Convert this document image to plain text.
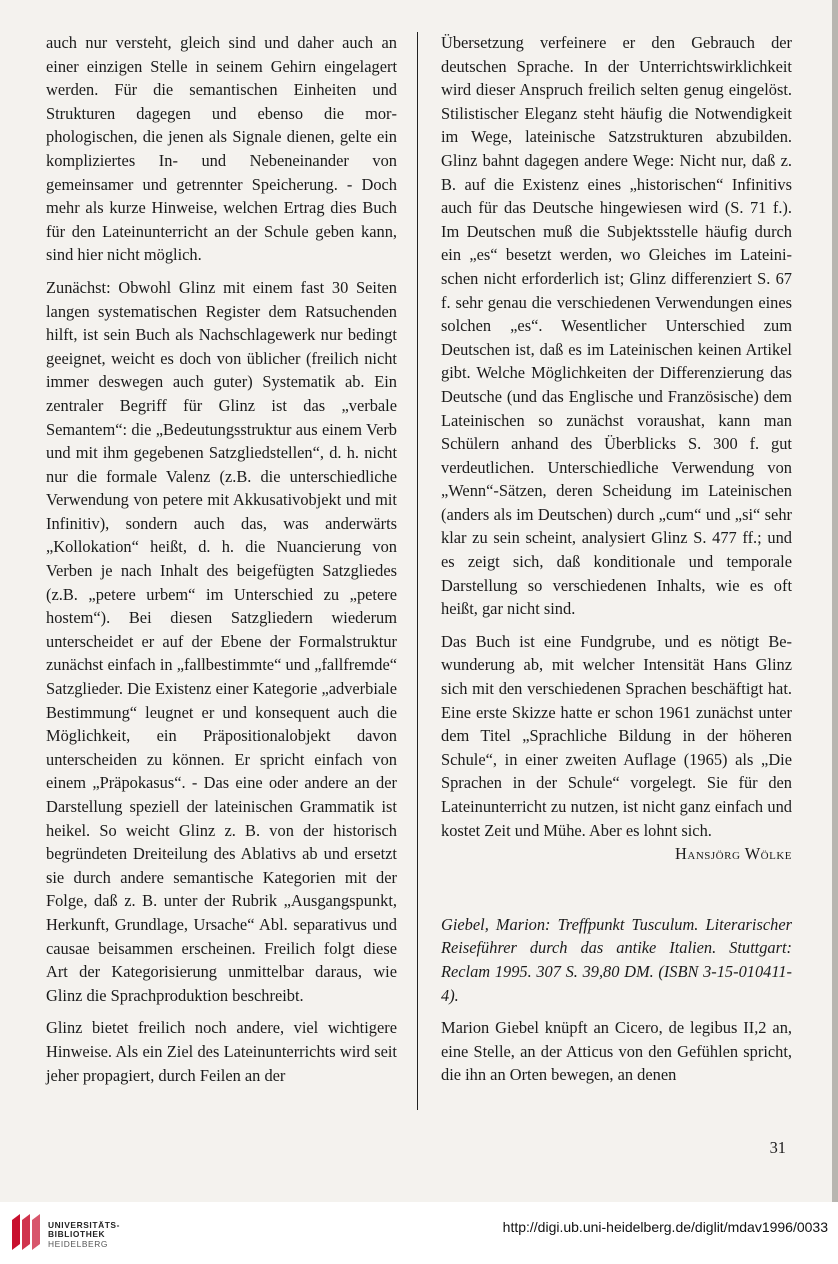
auch nur versteht, gleich sind und daher auch an einer einzigen Stelle in seinem Gehirn eingelagert werden. Für die semantischen Einheiten und Strukturen dagegen und ebenso die morphologischen, die jenen als Signale dienen, gelte ein kompliziertes In- und Nebeneinander von gemeinsamer und getrennter Speicherung. - Doch mehr als kurze Hinweise, welchen Ertrag dies Buch für den Lateinunterricht an der Schule geben kann, sind hier nicht möglich.

Zunächst: Obwohl Glinz mit einem fast 30 Seiten langen systematischen Register dem Ratsuchenden hilft, ist sein Buch als Nachschlagewerk nur bedingt geeignet, weicht es doch von üblicher (freilich nicht immer deswegen auch guter) Systematik ab. Ein zentraler Begriff für Glinz ist das „verbale Semantem“: die „Bedeutungsstruktur aus einem Verb und mit ihm gegebenen Satzgliedstellen“, d. h. nicht nur die formale Valenz (z.B. die unterschiedliche Verwendung von petere mit Akkusativobjekt und mit Infinitiv), sondern auch das, was anderwärts „Kollokation“ heißt, d. h. die Nuancierung von Verben je nach Inhalt des beigefügten Satzgliedes (z.B. „petere urbem“ im Unterschied zu „petere hostem“). Bei diesen Satzgliedern wiederum unterscheidet er auf der Ebene der Formalstruktur zunächst einfach in „fallbestimmte“ und „fallfremde“ Satzglieder. Die Existenz einer Kategorie „adverbiale Bestimmung“ leugnet er und konsequent auch die Möglichkeit, ein Präpositionalobjekt davon unterscheiden zu können. Er spricht einfach von einem „Präpokasus“. - Das eine oder andere an der Darstellung speziell der lateinischen Grammatik ist heikel. So weicht Glinz z. B. von der historisch begründeten Dreiteilung des Ablativs ab und ersetzt sie durch andere semantische Kategorien mit der Folge, daß z. B. unter der Rubrik „Ausgangspunkt, Herkunft, Grundlage, Ursache“ Abl. separativus und causae beisammen erscheinen. Freilich folgt diese Art der Kategorisierung unmittelbar daraus, wie Glinz die Sprachproduktion beschreibt.

Glinz bietet freilich noch andere, viel wichtigere Hinweise. Als ein Ziel des Lateinunterrichts wird seit jeher propagiert, durch Feilen an der

Übersetzung verfeinere er den Gebrauch der deutschen Sprache. In der Unterrichtswirklichkeit wird dieser Anspruch freilich selten genug eingelöst. Stilistischer Eleganz steht häufig die Notwendigkeit im Wege, lateinische Satzstrukturen abzubilden. Glinz bahnt dagegen andere Wege: Nicht nur, daß z. B. auf die Existenz eines „historischen“ Infinitivs auch für das Deutsche hingewiesen wird (S. 71 f.). Im Deutschen muß die Subjektsstelle häufig durch ein „es“ besetzt werden, wo Gleiches im Lateinischen nicht erforderlich ist; Glinz differenziert S. 67 f. sehr genau die verschiedenen Verwendungen eines solchen „es“. Wesentlicher Unterschied zum Deutschen ist, daß es im Lateinischen keinen Artikel gibt. Welche Möglichkeiten der Differenzierung das Deutsche (und das Englische und Französische) dem Lateinischen so zunächst voraushat, kann man Schülern anhand des Überblicks S. 300 f. gut verdeutlichen. Unterschiedliche Verwendung von „Wenn“-Sätzen, deren Scheidung im Lateinischen (anders als im Deutschen) durch „cum“ und „si“ sehr klar zu sein scheint, analysiert Glinz S. 477 ff.; und es zeigt sich, daß konditionale und temporale Darstellung so verschiedenen Inhalts, wie es oft heißt, gar nicht sind.

Das Buch ist eine Fundgrube, und es nötigt Bewunderung ab, mit welcher Intensität Hans Glinz sich mit den verschiedenen Sprachen beschäftigt hat. Eine erste Skizze hatte er schon 1961 zunächst unter dem Titel „Sprachliche Bildung in der höheren Schule“, in einer zweiten Auflage (1965) als „Die Sprachen in der Schule“ vorgelegt. Sie für den Lateinunterricht zu nutzen, ist nicht ganz einfach und kostet Zeit und Mühe. Aber es lohnt sich.

Hansjörg Wölke

Giebel, Marion: Treffpunkt Tusculum. Literarischer Reiseführer durch das antike Italien. Stuttgart: Reclam 1995. 307 S. 39,80 DM. (ISBN 3-15-010411-4).

Marion Giebel knüpft an Cicero, de legibus II,2 an, eine Stelle, an der Atticus von den Gefühlen spricht, die ihn an Orten bewegen, an denen

31
UNIVERSITÄTS-
BIBLIOTHEK
HEIDELBERG
http://digi.ub.uni-heidelberg.de/diglit/mdav1996/0033
